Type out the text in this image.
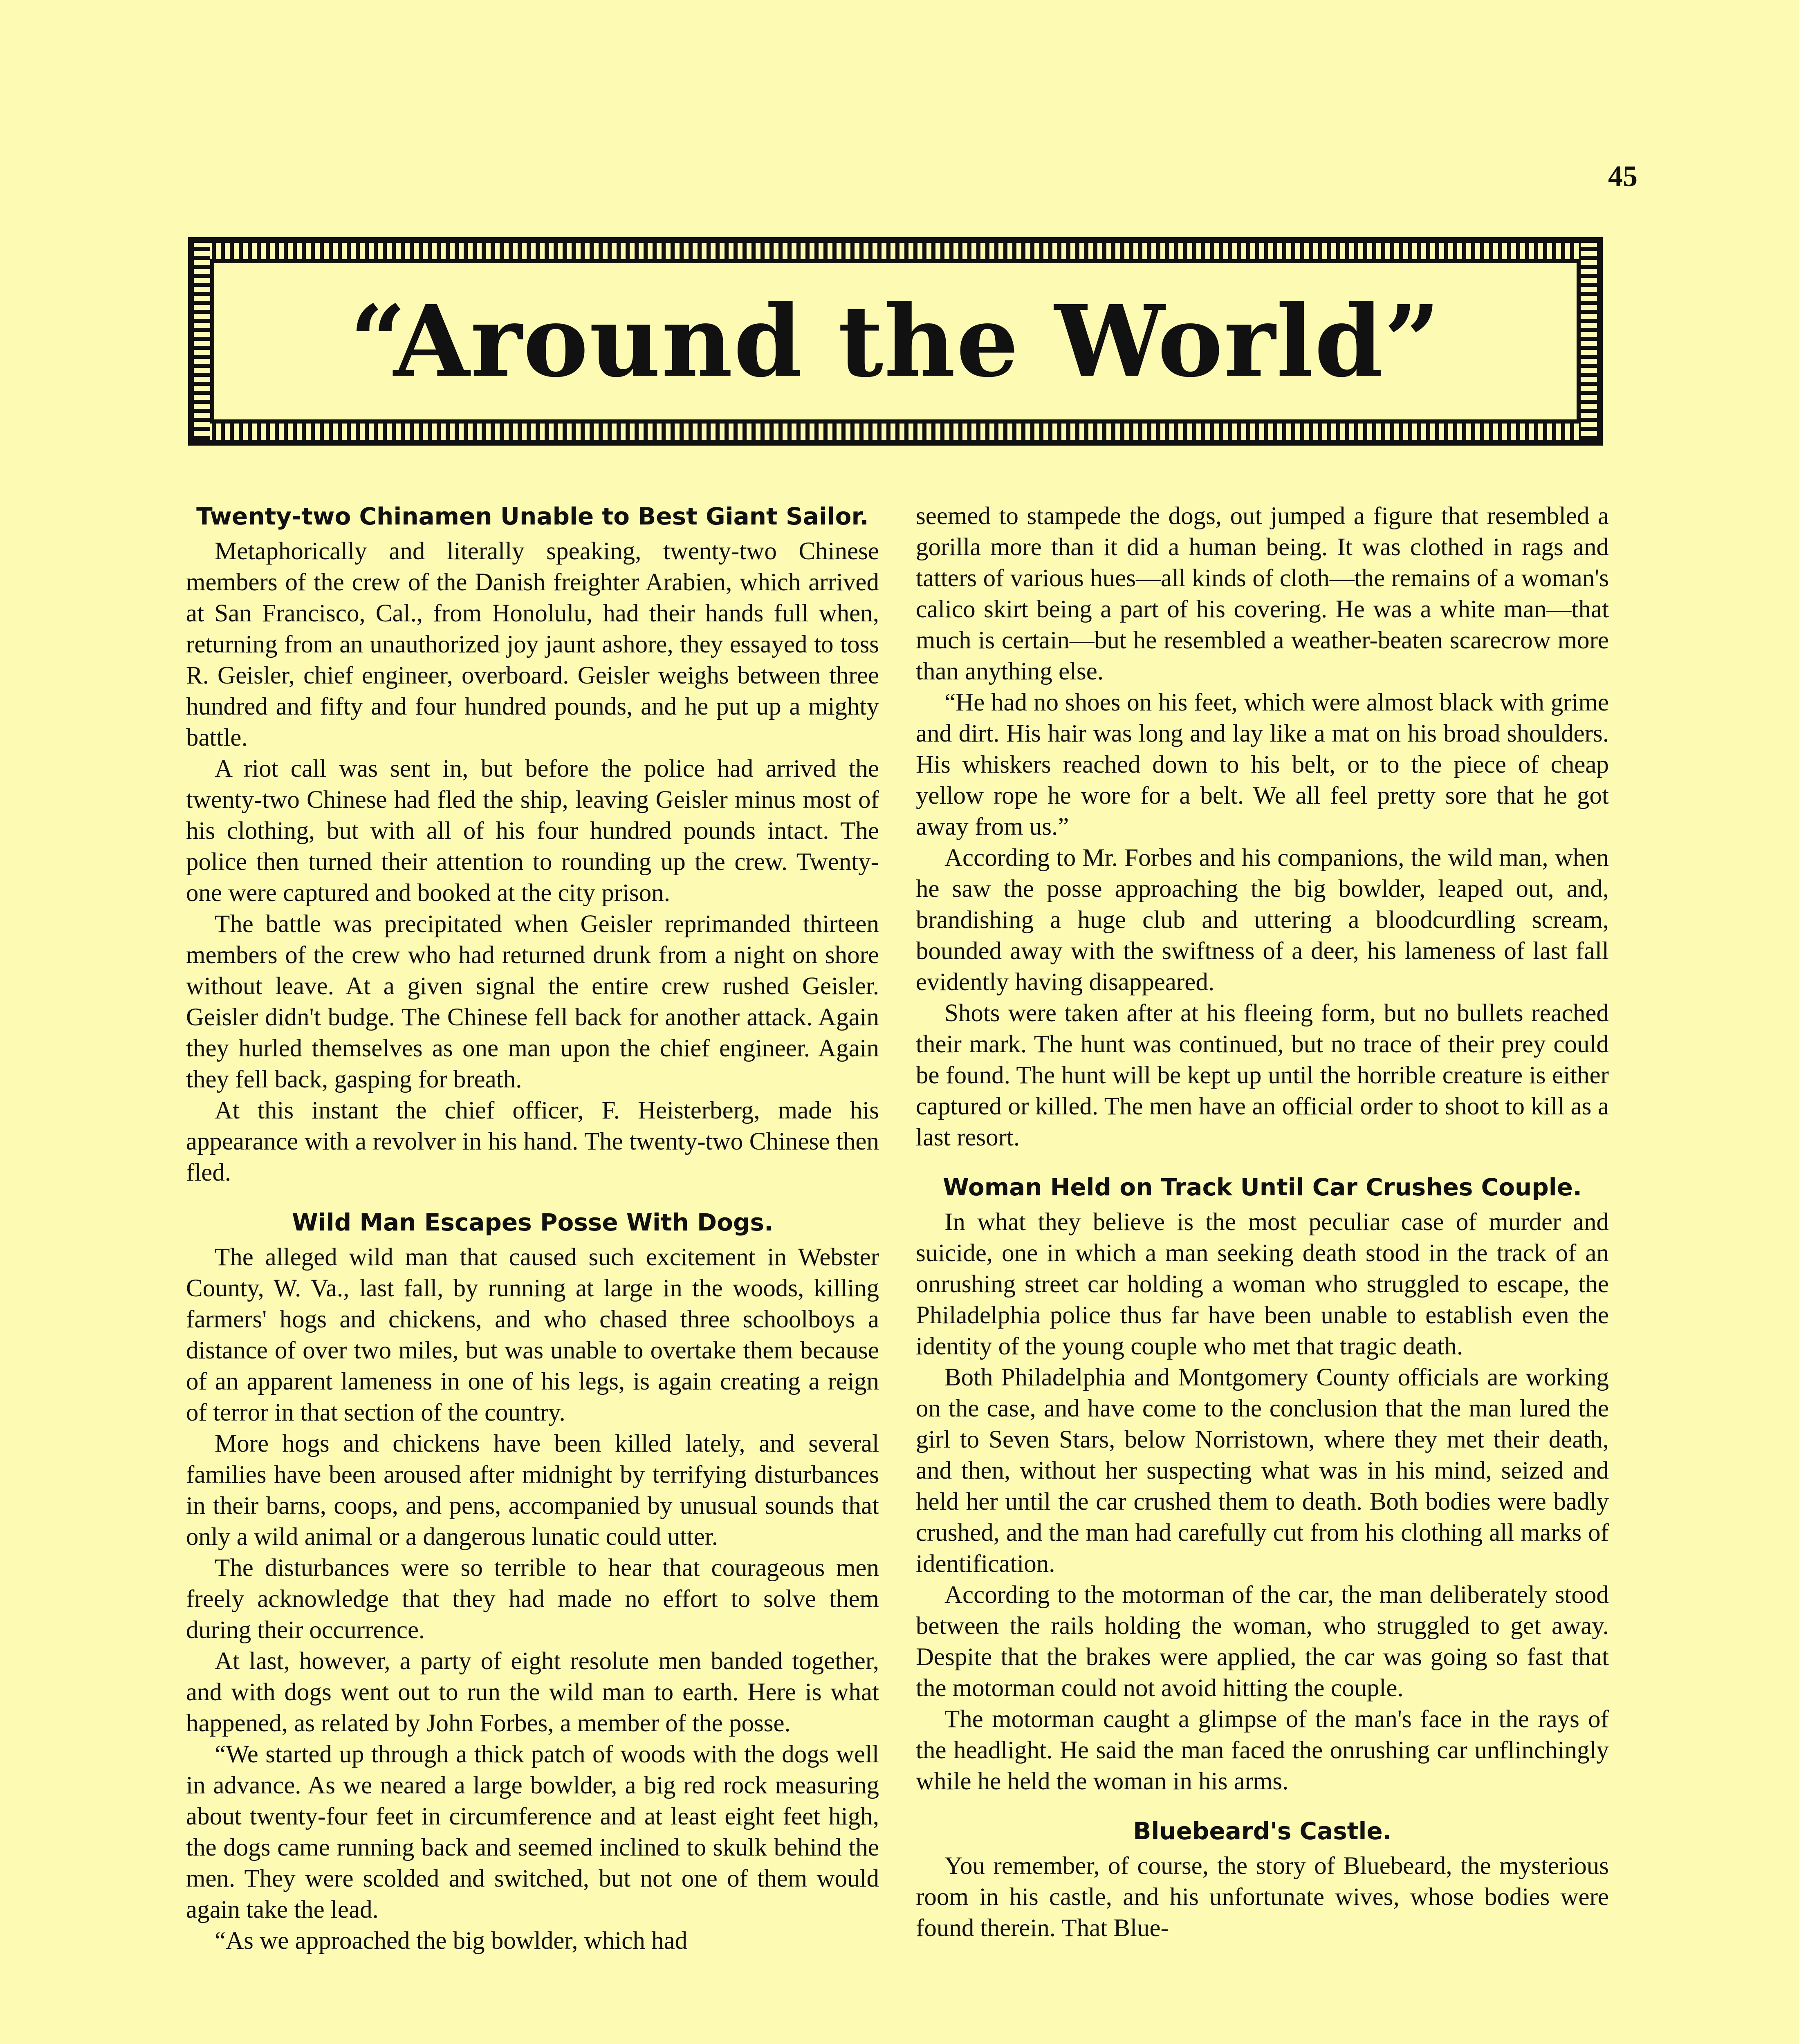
45
“Around the World”
Twenty-two Chinamen Unable to Best Giant Sailor.

Metaphorically and literally speaking, twenty-two Chinese members of the crew of the Danish freighter Arabien, which arrived at San Francisco, Cal., from Honolulu, had their hands full when, returning from an unauthorized joy jaunt ashore, they essayed to toss R. Geisler, chief engineer, overboard. Geisler weighs between three hundred and fifty and four hundred pounds, and he put up a mighty battle.

A riot call was sent in, but before the police had arrived the twenty-two Chinese had fled the ship, leaving Geisler minus most of his clothing, but with all of his four hundred pounds intact. The police then turned their attention to rounding up the crew. Twenty-one were captured and booked at the city prison.

The battle was precipitated when Geisler reprimanded thirteen members of the crew who had returned drunk from a night on shore without leave. At a given signal the entire crew rushed Geisler. Geisler didn't budge. The Chinese fell back for another attack. Again they hurled themselves as one man upon the chief engineer. Again they fell back, gasping for breath.

At this instant the chief officer, F. Heisterberg, made his appearance with a revolver in his hand. The twenty-two Chinese then fled.

Wild Man Escapes Posse With Dogs.

The alleged wild man that caused such excitement in Webster County, W. Va., last fall, by running at large in the woods, killing farmers' hogs and chickens, and who chased three schoolboys a distance of over two miles, but was unable to overtake them because of an apparent lameness in one of his legs, is again creating a reign of terror in that section of the country.

More hogs and chickens have been killed lately, and several families have been aroused after midnight by terrifying disturbances in their barns, coops, and pens, accompanied by unusual sounds that only a wild animal or a dangerous lunatic could utter.

The disturbances were so terrible to hear that courageous men freely acknowledge that they had made no effort to solve them during their occurrence.

At last, however, a party of eight resolute men banded together, and with dogs went out to run the wild man to earth. Here is what happened, as related by John Forbes, a member of the posse.

“We started up through a thick patch of woods with the dogs well in advance. As we neared a large bowlder, a big red rock measuring about twenty-four feet in circumference and at least eight feet high, the dogs came running back and seemed inclined to skulk behind the men. They were scolded and switched, but not one of them would again take the lead.

“As we approached the big bowlder, which had

seemed to stampede the dogs, out jumped a figure that resembled a gorilla more than it did a human being. It was clothed in rags and tatters of various hues—all kinds of cloth—the remains of a woman's calico skirt being a part of his covering. He was a white man—that much is certain—but he resembled a weather-beaten scarecrow more than anything else.

“He had no shoes on his feet, which were almost black with grime and dirt. His hair was long and lay like a mat on his broad shoulders. His whiskers reached down to his belt, or to the piece of cheap yellow rope he wore for a belt. We all feel pretty sore that he got away from us.”

According to Mr. Forbes and his companions, the wild man, when he saw the posse approaching the big bowlder, leaped out, and, brandishing a huge club and uttering a bloodcurdling scream, bounded away with the swiftness of a deer, his lameness of last fall evidently having disappeared.

Shots were taken after at his fleeing form, but no bullets reached their mark. The hunt was continued, but no trace of their prey could be found. The hunt will be kept up until the horrible creature is either captured or killed. The men have an official order to shoot to kill as a last resort.

Woman Held on Track Until Car Crushes Couple.

In what they believe is the most peculiar case of murder and suicide, one in which a man seeking death stood in the track of an onrushing street car holding a woman who struggled to escape, the Philadelphia police thus far have been unable to establish even the identity of the young couple who met that tragic death.

Both Philadelphia and Montgomery County officials are working on the case, and have come to the conclusion that the man lured the girl to Seven Stars, below Norristown, where they met their death, and then, without her suspecting what was in his mind, seized and held her until the car crushed them to death. Both bodies were badly crushed, and the man had carefully cut from his clothing all marks of identification.

According to the motorman of the car, the man deliberately stood between the rails holding the woman, who struggled to get away. Despite that the brakes were applied, the car was going so fast that the motorman could not avoid hitting the couple.

The motorman caught a glimpse of the man's face in the rays of the headlight. He said the man faced the onrushing car unflinchingly while he held the woman in his arms.

Bluebeard's Castle.

You remember, of course, the story of Bluebeard, the mysterious room in his castle, and his unfortunate wives, whose bodies were found therein. That Blue-
